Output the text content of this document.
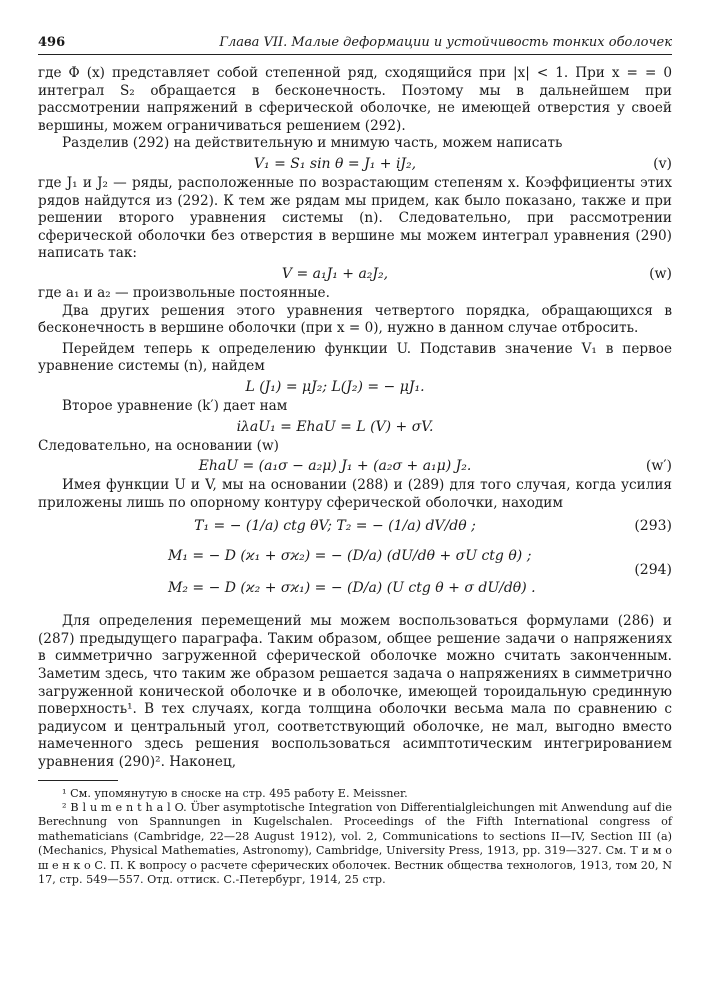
496	Глава VII. Малые деформации и устойчивость тонких оболочек

где Φ (x) представляет собой степенной ряд, сходящийся при |x| < 1. При x = = 0 интеграл S₂ обращается в бесконечность. Поэтому мы в дальнейшем при рассмотрении напряжений в сферической оболочке, не имеющей отверстия у своей вершины, можем ограничиваться решением (292).

Разделив (292) на действительную и мнимую часть, можем написать

V₁ = S₁ sin θ = J₁ + iJ₂,	(v)

где J₁ и J₂ — ряды, расположенные по возрастающим степеням x. Коэффициенты этих рядов найдутся из (292). К тем же рядам мы придем, как было показано, также и при решении второго уравнения системы (n). Следовательно, при рассмотрении сферической оболочки без отверстия в вершине мы можем интеграл уравнения (290) написать так:

V = a₁J₁ + a₂J₂,	(w)

где a₁ и a₂ — произвольные постоянные.

Два других решения этого уравнения четвертого порядка, обращающихся в бесконечность в вершине оболочки (при x = 0), нужно в данном случае отбросить.

Перейдем теперь к определению функции U. Подставив значение V₁ в первое уравнение системы (n), найдем

L (J₁) = μJ₂; L(J₂) = − μJ₁.

Второе уравнение (k′) дает нам

iλaU₁ = EhaU = L (V) + σV.

Следовательно, на основании (w)

EhaU = (a₁σ − a₂μ) J₁ + (a₂σ + a₁μ) J₂.	(w′)

Имея функции U и V, мы на основании (288) и (289) для того случая, когда усилия приложены лишь по опорному контуру сферической оболочки, находим

T₁ = − (1/a) ctg θV; T₂ = − (1/a) dV/dθ ;	(293)
M₁ = − D (ϰ₁ + σϰ₂) = − (D/a) (dU/dθ + σU ctg θ) ;
M₂ = − D (ϰ₂ + σϰ₁) = − (D/a) (U ctg θ + σ dU/dθ) .
(294)

Для определения перемещений мы можем воспользоваться формулами (286) и (287) предыдущего параграфа. Таким образом, общее решение задачи о напряжениях в симметрично загруженной сферической оболочке можно считать законченным. Заметим здесь, что таким же образом решается задача о напряжениях в симметрично загруженной конической оболочке и в оболочке, имеющей тороидальную срединную поверхность¹. В тех случаях, когда толщина оболочки весьма мала по сравнению с радиусом и центральный угол, соответствующий оболочке, не мал, выгодно вместо намеченного здесь решения воспользоваться асимптотическим интегрированием уравнения (290)². Наконец,

¹ См. упомянутую в сноске на стр. 495 работу E. Meissner.

² B l u m e n t h a l O. Über asymptotische Integration von Differentialgleichungen mit Anwendung auf die Berechnung von Spannungen in Kugelschalen. Proceedings of the Fifth International congress of mathematicians (Cambridge, 22—28 August 1912), vol. 2, Communications to sections II—IV, Section III (a) (Mechanics, Physical Mathematies, Astronomy), Cambridge, University Press, 1913, pp. 319—327. См. Т и м о ш е н к о С. П. К вопросу о расчете сферических оболочек. Вестник общества технологов, 1913, том 20, N 17, стр. 549—557. Отд. оттиск. С.-Петербург, 1914, 25 стр.
